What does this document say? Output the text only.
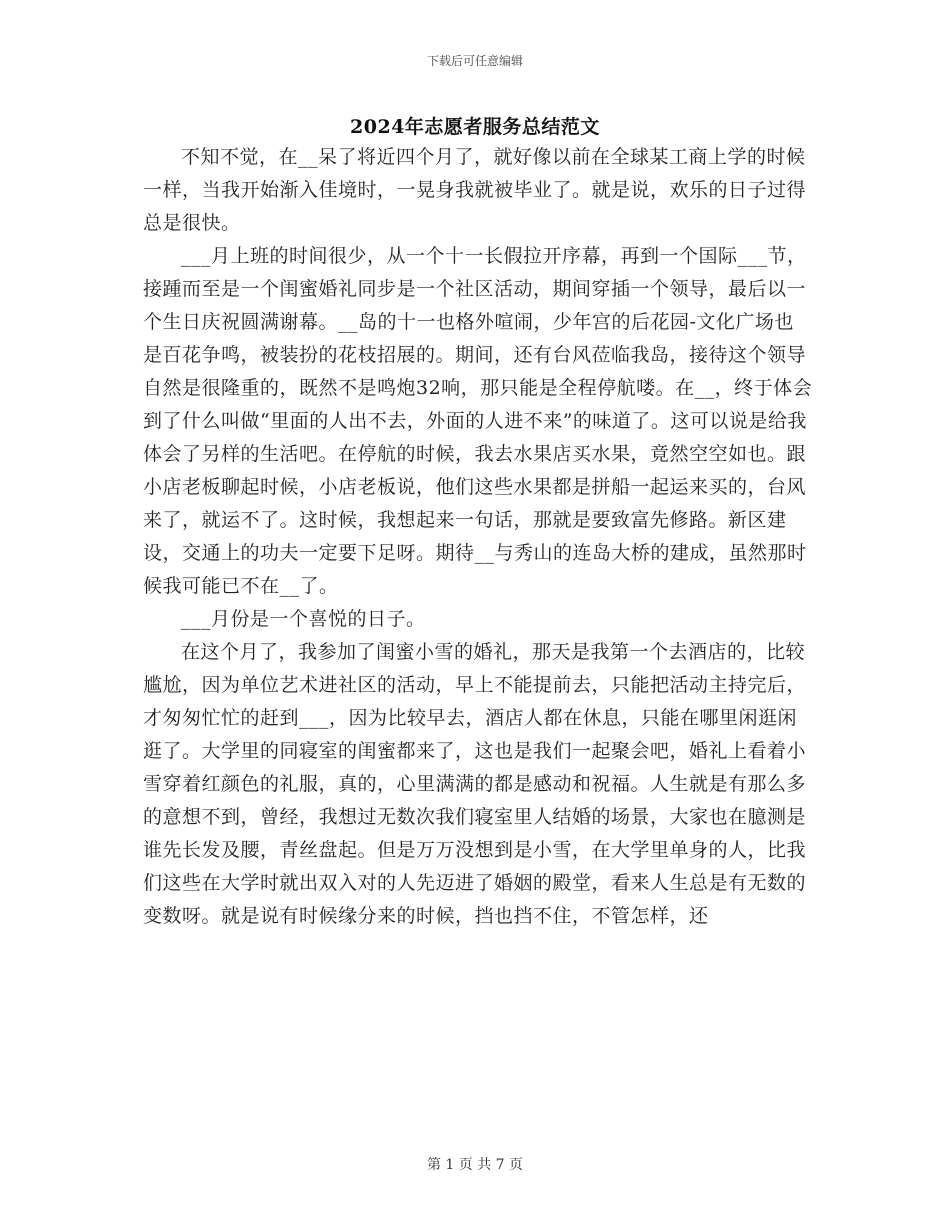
下载后可任意编辑
2024年志愿者服务总结范文

不知不觉，在__呆了将近四个月了，就好像以前在全球某工商上学的时候一样，当我开始渐入佳境时，一晃身我就被毕业了。就是说，欢乐的日子过得总是很快。

___月上班的时间很少，从一个十一长假拉开序幕，再到一个国际___节，接踵而至是一个闺蜜婚礼同步是一个社区活动，期间穿插一个领导，最后以一个生日庆祝圆满谢幕。__岛的十一也格外喧闹，少年宫的后花园-文化广场也是百花争鸣，被装扮的花枝招展的。期间，还有台风莅临我岛，接待这个领导自然是很隆重的，既然不是鸣炮32响，那只能是全程停航喽。在__，终于体会到了什么叫做“里面的人出不去，外面的人进不来”的味道了。这可以说是给我体会了另样的生活吧。在停航的时候，我去水果店买水果，竟然空空如也。跟小店老板聊起时候，小店老板说，他们这些水果都是拼船一起运来买的，台风来了，就运不了。这时候，我想起来一句话，那就是要致富先修路。新区建设，交通上的功夫一定要下足呀。期待__与秀山的连岛大桥的建成，虽然那时候我可能已不在__了。

___月份是一个喜悦的日子。

在这个月了，我参加了闺蜜小雪的婚礼，那天是我第一个去酒店的，比较尴尬，因为单位艺术进社区的活动，早上不能提前去，只能把活动主持完后，才匆匆忙忙的赶到___，因为比较早去，酒店人都在休息，只能在哪里闲逛闲逛了。大学里的同寝室的闺蜜都来了，这也是我们一起聚会吧，婚礼上看着小雪穿着红颜色的礼服，真的，心里满满的都是感动和祝福。人生就是有那么多的意想不到，曾经，我想过无数次我们寝室里人结婚的场景，大家也在臆测是谁先长发及腰，青丝盘起。但是万万没想到是小雪，在大学里单身的人，比我们这些在大学时就出双入对的人先迈进了婚姻的殿堂，看来人生总是有无数的变数呀。就是说有时候缘分来的时候，挡也挡不住，不管怎样，还

第 1 页 共 7 页
